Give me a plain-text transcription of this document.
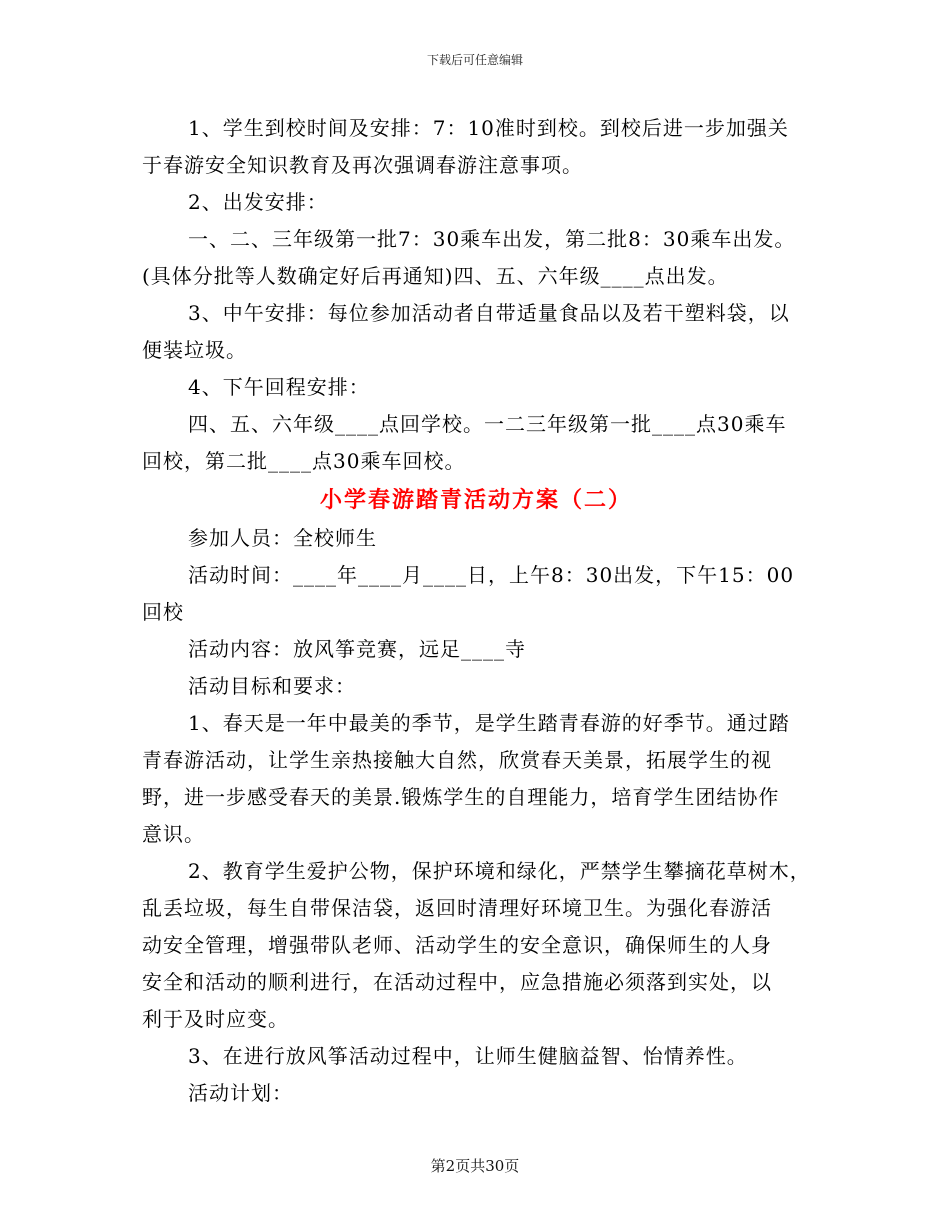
下载后可任意编辑

1、学生到校时间及安排：7：10准时到校。到校后进一步加强关

于春游安全知识教育及再次强调春游注意事项。

2、出发安排：

一、二、三年级第一批7：30乘车出发，第二批8：30乘车出发。

(具体分批等人数确定好后再通知)四、五、六年级____点出发。

3、中午安排：每位参加活动者自带适量食品以及若干塑料袋，以

便装垃圾。

4、下午回程安排：

四、五、六年级____点回学校。一二三年级第一批____点30乘车

回校，第二批____点30乘车回校。

小学春游踏青活动方案（二）

参加人员：全校师生

活动时间：____年____月____日，上午8：30出发，下午15：00

回校

活动内容：放风筝竞赛，远足____寺

活动目标和要求：

1、春天是一年中最美的季节，是学生踏青春游的好季节。通过踏

青春游活动，让学生亲热接触大自然，欣赏春天美景，拓展学生的视

野，进一步感受春天的美景.锻炼学生的自理能力，培育学生团结协作

意识。

2、教育学生爱护公物，保护环境和绿化，严禁学生攀摘花草树木，

乱丢垃圾，每生自带保洁袋，返回时清理好环境卫生。为强化春游活

动安全管理，增强带队老师、活动学生的安全意识，确保师生的人身

安全和活动的顺利进行，在活动过程中，应急措施必须落到实处，以

利于及时应变。

3、在进行放风筝活动过程中，让师生健脑益智、怡情养性。

活动计划：

第2页共30页
